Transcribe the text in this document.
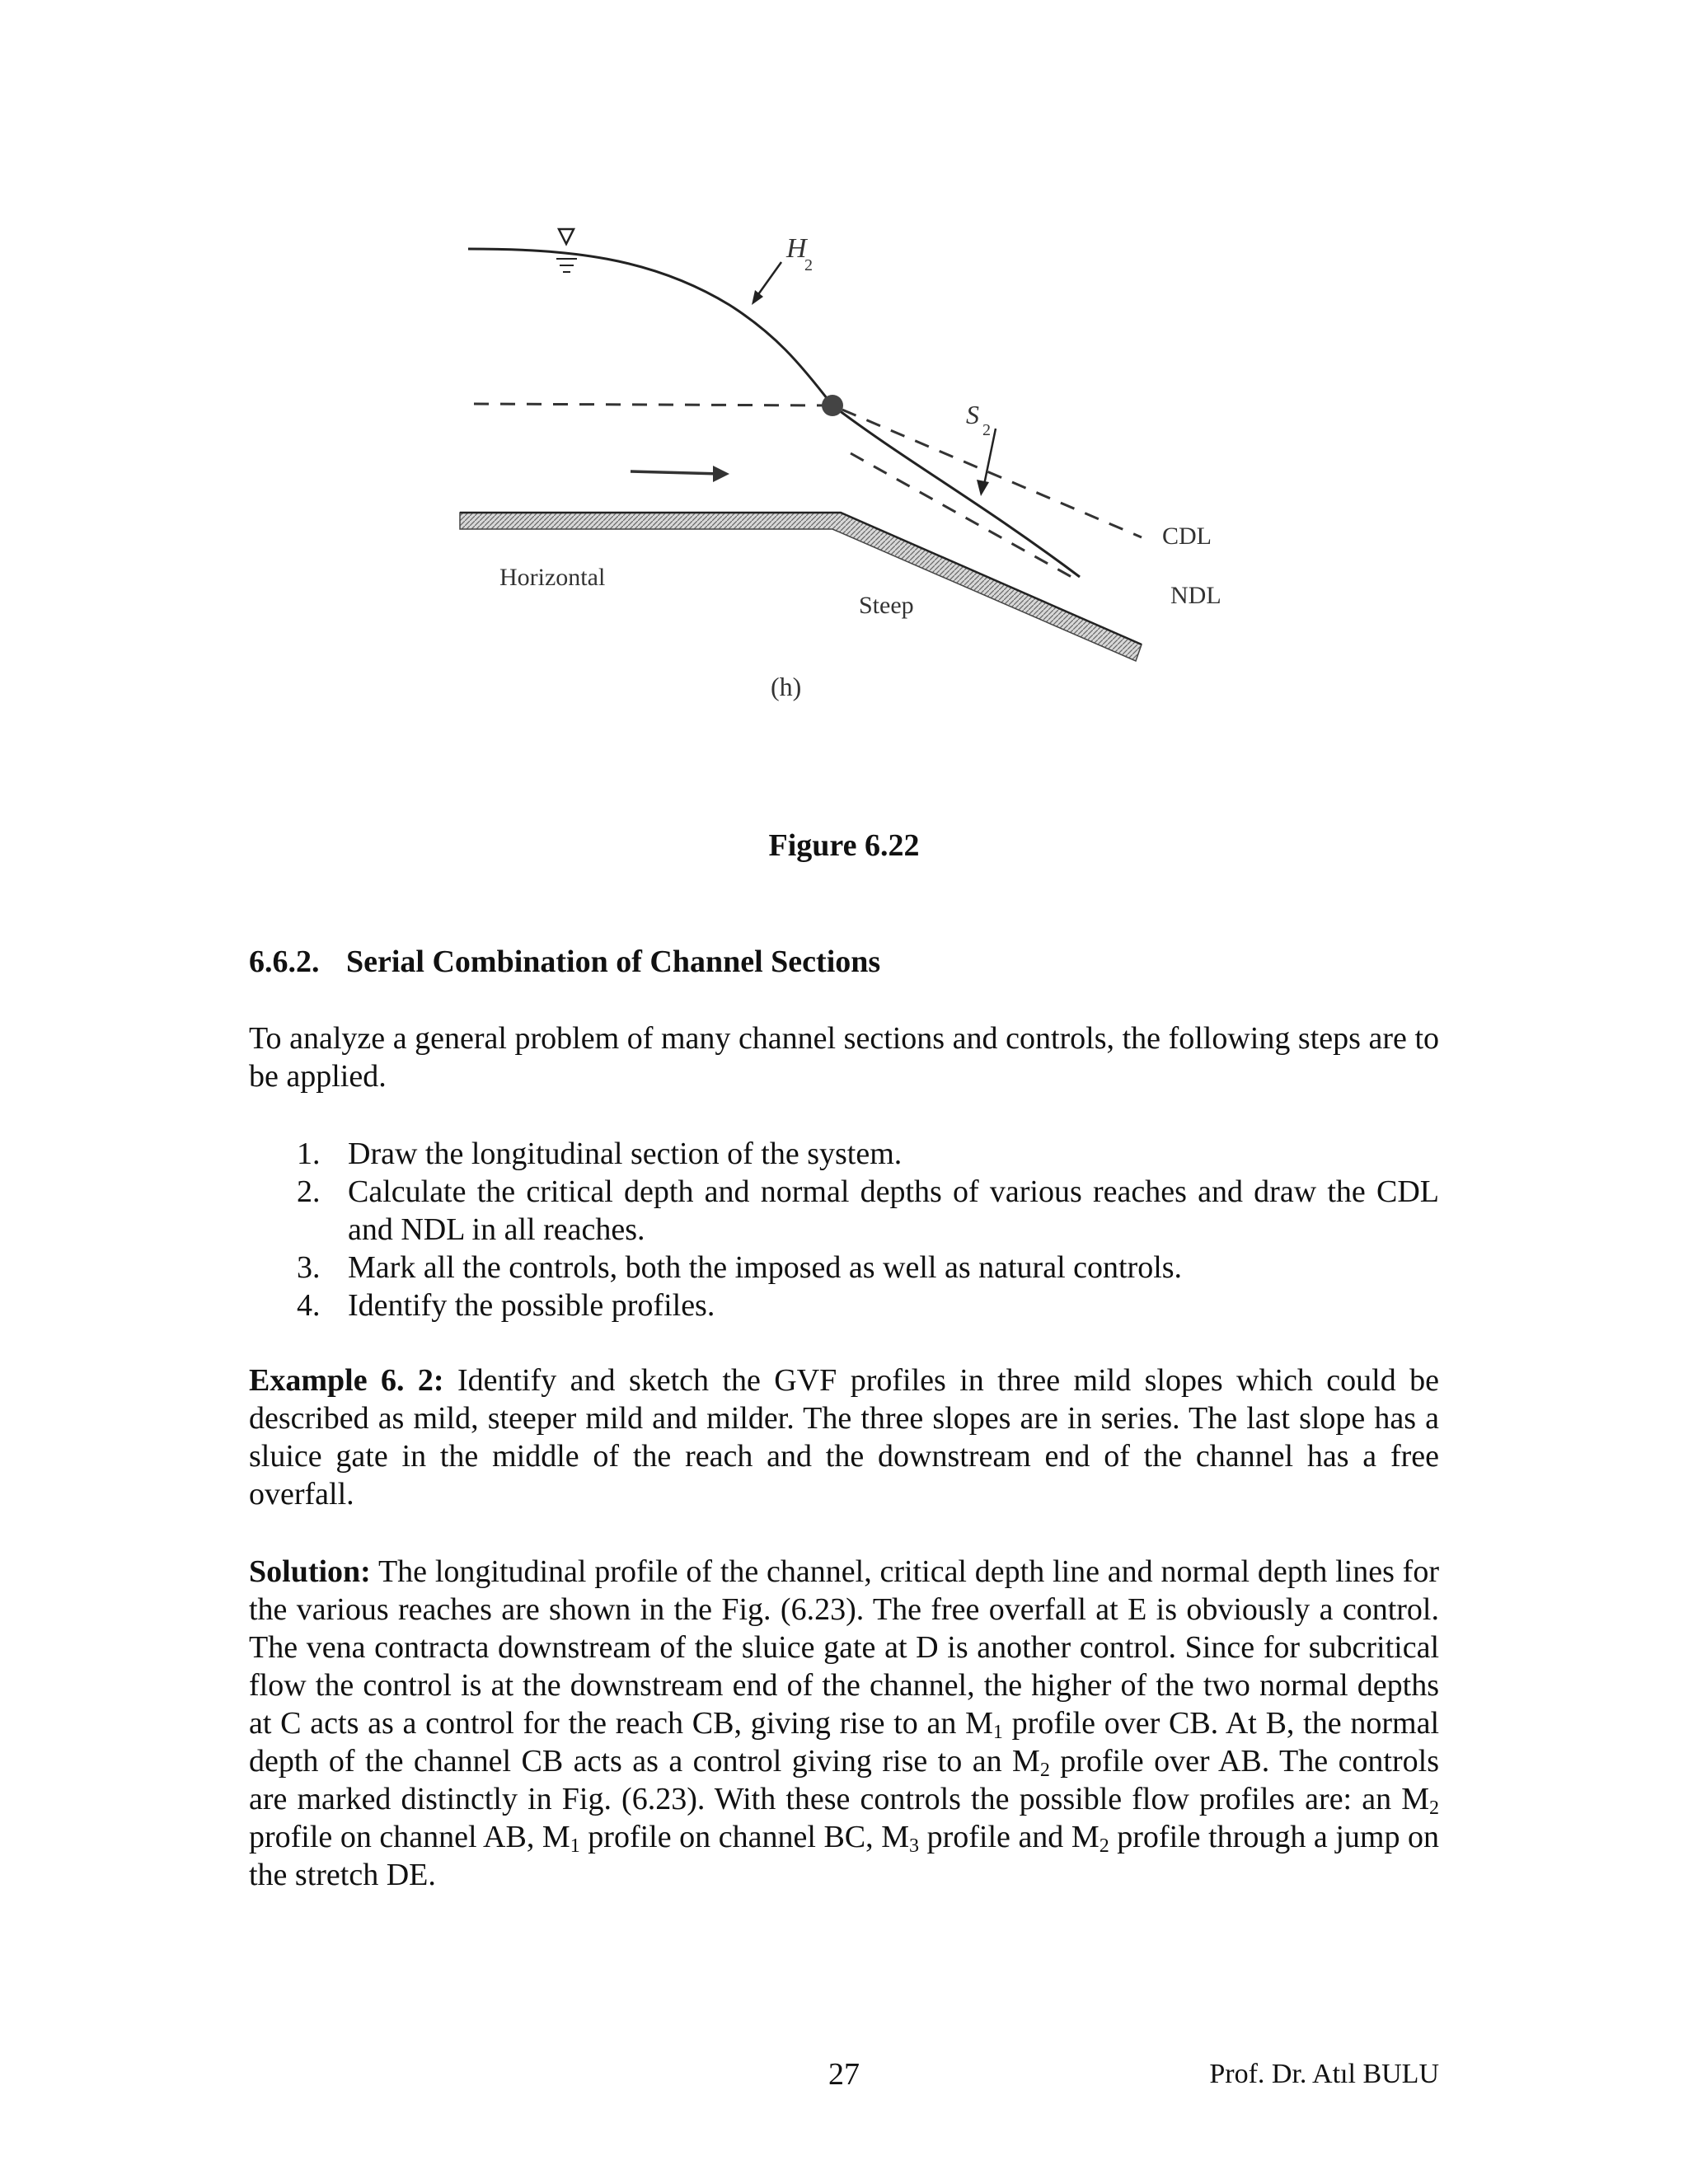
H
2
S
2
Horizontal
Steep
CDL
NDL
(h)
Figure 6.22
6.6.2. Serial Combination of Channel Sections
To analyze a general problem of many channel sections and controls, the following steps are to be applied.
1. Draw the longitudinal section of the system.
2. Calculate the critical depth and normal depths of various reaches and draw the CDL and NDL in all reaches.
3. Mark all the controls, both the imposed as well as natural controls.
4. Identify the possible profiles.
Example 6. 2: Identify and sketch the GVF profiles in three mild slopes which could be described as mild, steeper mild and milder. The three slopes are in series. The last slope has a sluice gate in the middle of the reach and the downstream end of the channel has a free overfall.
Solution: The longitudinal profile of the channel, critical depth line and normal depth lines for the various reaches are shown in the Fig. (6.23). The free overfall at E is obviously a control. The vena contracta downstream of the sluice gate at D is another control. Since for subcritical flow the control is at the downstream end of the channel, the higher of the two normal depths at C acts as a control for the reach CB, giving rise to an $M_1$ profile over CB. At B, the normal depth of the channel CB acts as a control giving rise to an $M_2$ profile over AB. The controls are marked distinctly in Fig. (6.23). With these controls the possible flow profiles are: an $M_2$ profile on channel AB, $M_1$ profile on channel BC, $M_3$ profile and $M_2$ profile through a jump on the stretch DE.
27	Prof. Dr. Atıl BULU
